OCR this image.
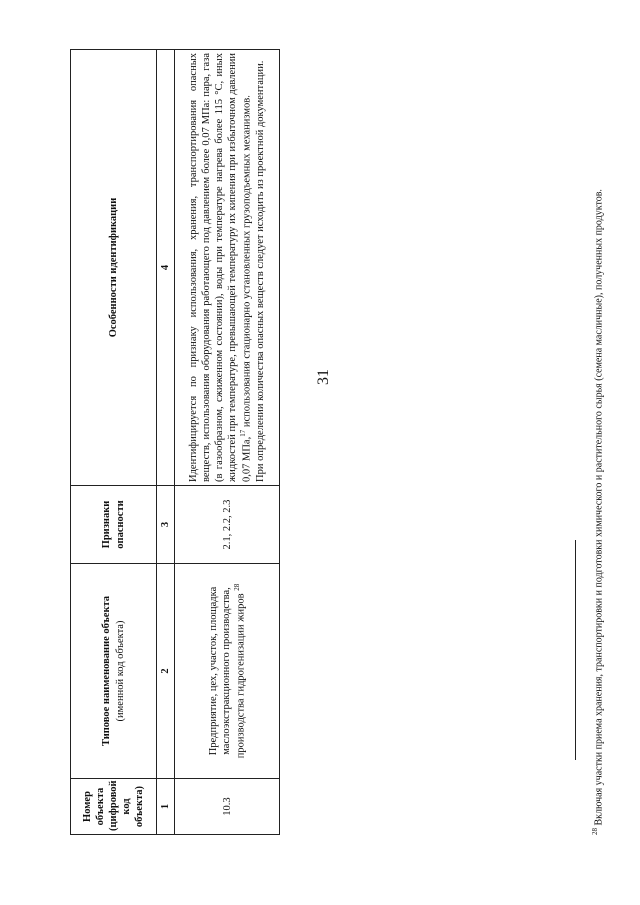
31
Номер объекта (цифровой код объекта)	Типовое наименование объекта (именной код объекта)	Признаки опасности	Особенности идентификации
1	2	3	4
10.3	Предприятие, цех, участок, площадка маслоэкстракционного производства, производства гидрогенизации жиров $^{28}$	2.1, 2.2, 2.3	Идентифицируется по признаку использования, хранения, транспортирования опасных веществ, использования оборудования работающего под давлением более 0,07 МПа: пара, газа (в газообразном, сжиженном состоянии), воды при температуре нагрева более 115 °С, иных жидкостей при температуре, превышающей температуру их кипения при избыточном давлении 0,07 МПа,$^{17}$ использования стационарно установленных грузоподъемных механизмов. При определении количества опасных веществ следует исходить из проектной документации.

$^{28}$ Включая участки приема хранения, транспортировки и подготовки химического и растительного сырья (семена масличные), полученных продуктов.
